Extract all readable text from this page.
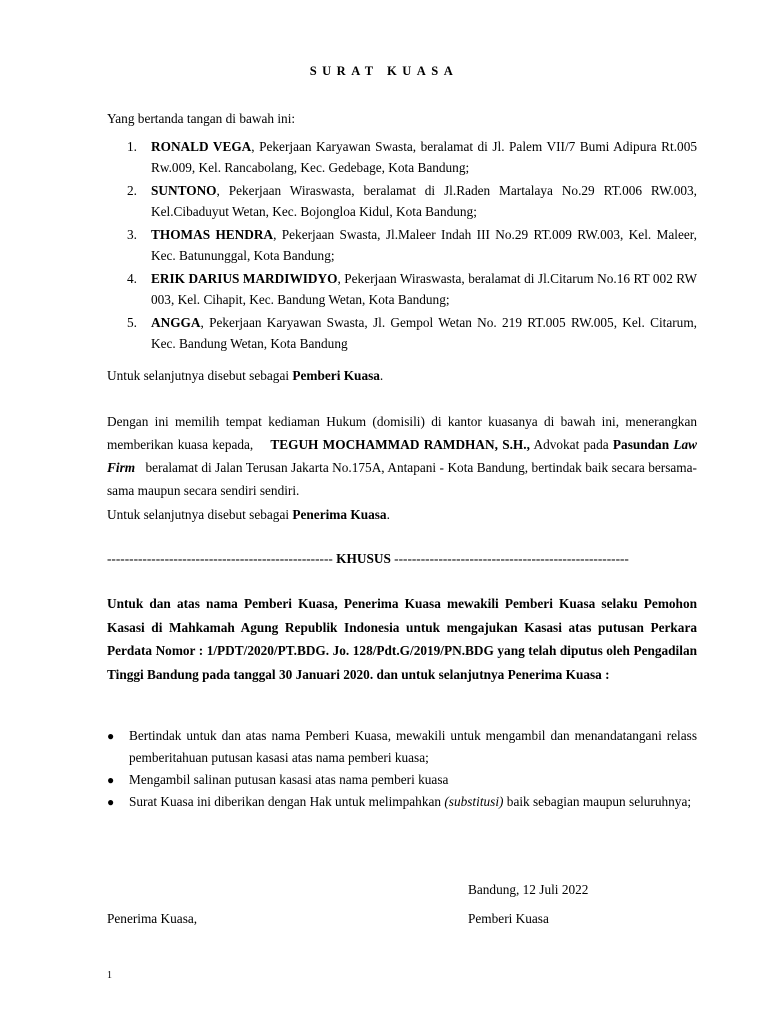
SURAT KUASA
Yang bertanda tangan di bawah ini:
1.	RONALD VEGA, Pekerjaan Karyawan Swasta, beralamat di Jl. Palem VII/7 Bumi Adipura Rt.005 Rw.009, Kel. Rancabolang, Kec. Gedebage, Kota Bandung;
2.	SUNTONO, Pekerjaan Wiraswasta, beralamat di Jl.Raden Martalaya No.29 RT.006 RW.003, Kel.Cibaduyut Wetan, Kec. Bojongloa Kidul, Kota Bandung;
3.	THOMAS HENDRA, Pekerjaan Swasta, Jl.Maleer Indah III No.29 RT.009 RW.003, Kel. Maleer, Kec. Batununggal, Kota Bandung;
4.	ERIK DARIUS MARDIWIDYO, Pekerjaan Wiraswasta, beralamat di Jl.Citarum No.16 RT 002 RW 003, Kel. Cihapit, Kec. Bandung Wetan, Kota Bandung;
5.	ANGGA, Pekerjaan Karyawan Swasta, Jl. Gempol Wetan No. 219 RT.005 RW.005, Kel. Citarum, Kec. Bandung Wetan, Kota Bandung
Untuk selanjutnya disebut sebagai Pemberi Kuasa.
Dengan ini memilih tempat kediaman Hukum (domisili) di kantor kuasanya di bawah ini, menerangkan memberikan kuasa kepada, TEGUH MOCHAMMAD RAMDHAN, S.H., Advokat pada Pasundan Law Firm beralamat di Jalan Terusan Jakarta No.175A, Antapani - Kota Bandung, bertindak baik secara bersama-sama maupun secara sendiri sendiri.
Untuk selanjutnya disebut sebagai Penerima Kuasa.
--------------------------------------------------- KHUSUS -----------------------------------------------------
Untuk dan atas nama Pemberi Kuasa, Penerima Kuasa mewakili Pemberi Kuasa selaku Pemohon Kasasi di Mahkamah Agung Republik Indonesia untuk mengajukan Kasasi atas putusan Perkara Perdata Nomor : 1/PDT/2020/PT.BDG. Jo. 128/Pdt.G/2019/PN.BDG yang telah diputus oleh Pengadilan Tinggi Bandung pada tanggal 30 Januari 2020. dan untuk selanjutnya Penerima Kuasa :
●	Bertindak untuk dan atas nama Pemberi Kuasa, mewakili untuk mengambil dan menandatangani relass pemberitahuan putusan kasasi atas nama pemberi kuasa;
●	Mengambil salinan putusan kasasi atas nama pemberi kuasa
●	Surat Kuasa ini diberikan dengan Hak untuk melimpahkan (substitusi) baik sebagian maupun seluruhnya;
Bandung, 12 Juli 2022
Penerima Kuasa,	Pemberi Kuasa
1
